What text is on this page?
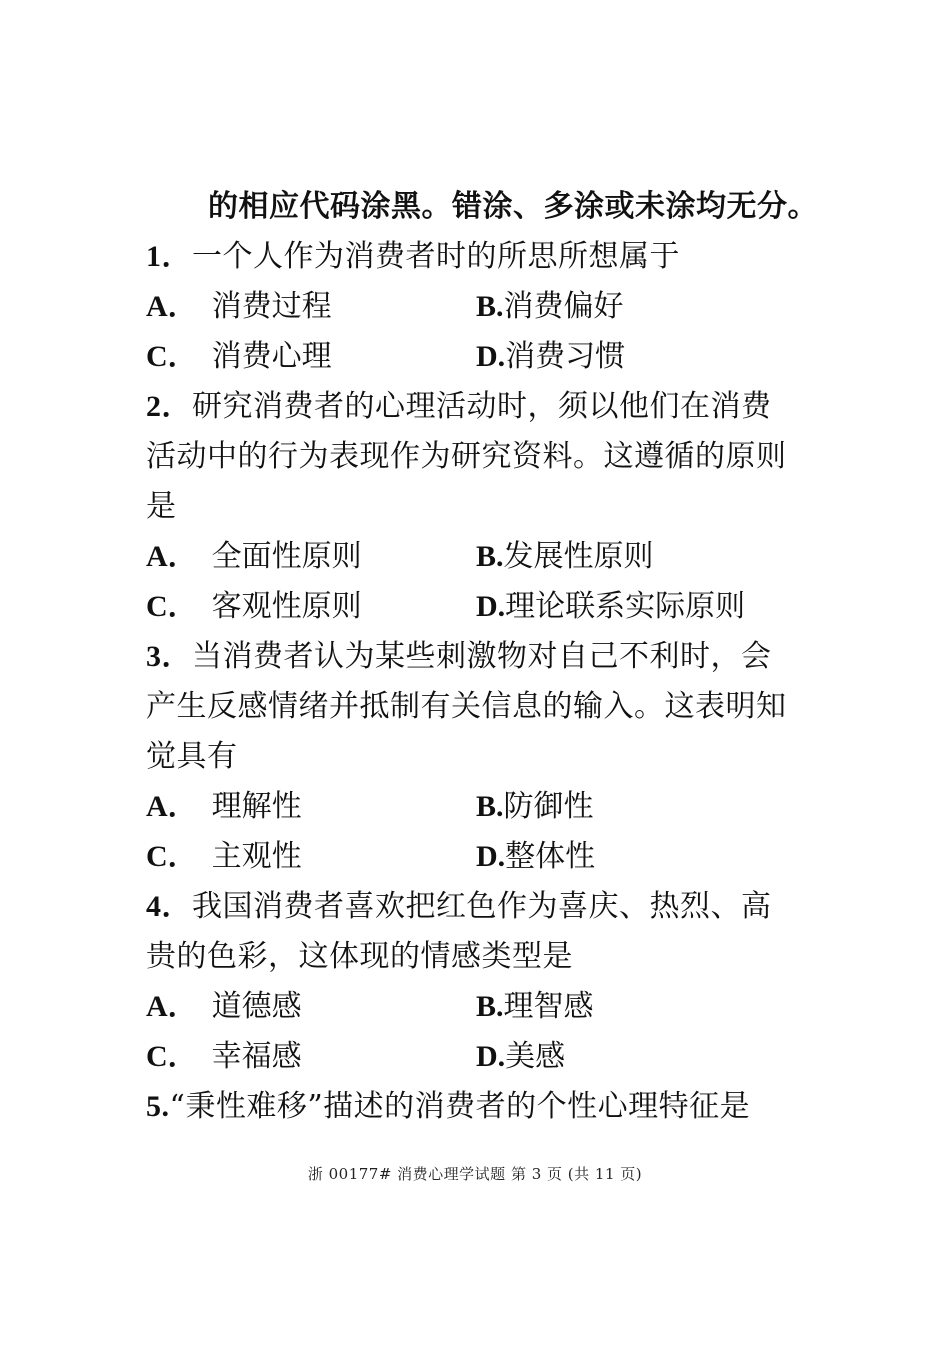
的相应代码涂黑。错涂、多涂或未涂均无分。
1．一个人作为消费者时的所思所想属于
A． 消费过程	B. 消费偏好
C． 消费心理	D. 消费习惯
2．研究消费者的心理活动时，须以他们在消费
活动中的行为表现作为研究资料。这遵循的原则
是
A． 全面性原则	B. 发展性原则
C． 客观性原则	D. 理论联系实际原则
3．当消费者认为某些刺激物对自己不利时，会
产生反感情绪并抵制有关信息的输入。这表明知
觉具有
A． 理解性	B. 防御性
C． 主观性	D. 整体性
4．我国消费者喜欢把红色作为喜庆、热烈、高
贵的色彩，这体现的情感类型是
A． 道德感	B. 理智感
C． 幸福感	D. 美感
5.“秉性难移”描述的消费者的个性心理特征是
浙 00177# 消费心理学试题 第 3 页 (共 11 页)
